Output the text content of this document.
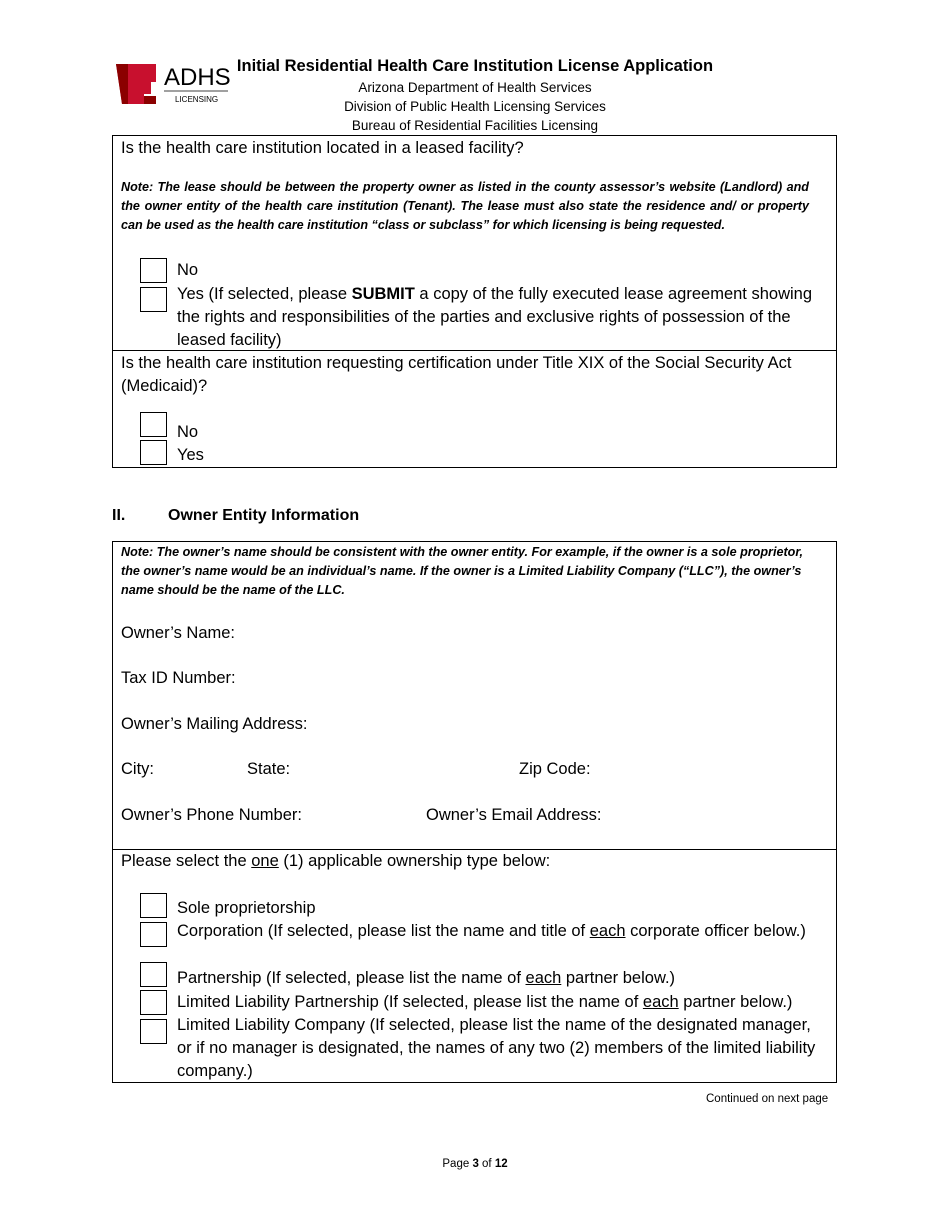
ADHS
LICENSING
Initial Residential Health Care Institution License Application
Arizona Department of Health Services
Division of Public Health Licensing Services
Bureau of Residential Facilities Licensing
Is the health care institution located in a leased facility?
Note: The lease should be between the property owner as listed in the county assessor’s website (Landlord) and the owner entity of the health care institution (Tenant). The lease must also state the residence and/ or property can be used as the health care institution “class or subclass” for which licensing is being requested.
No
Yes (If selected, please SUBMIT a copy of the fully executed lease agreement showing the rights and responsibilities of the parties and exclusive rights of possession of the leased facility)
Is the health care institution requesting certification under Title XIX of the Social Security Act (Medicaid)?
No
Yes
II.	Owner Entity Information
Note: The owner’s name should be consistent with the owner entity. For example, if the owner is a sole proprietor, the owner’s name would be an individual’s name. If the owner is a Limited Liability Company (“LLC”), the owner’s name should be the name of the LLC.
Owner’s Name:
Tax ID Number:
Owner’s Mailing Address:
City:	State:	Zip Code:
Owner’s Phone Number:	Owner’s Email Address:
Please select the one (1) applicable ownership type below:
Sole proprietorship
Corporation (If selected, please list the name and title of each corporate officer below.)
Partnership (If selected, please list the name of each partner below.)
Limited Liability Partnership (If selected, please list the name of each partner below.)
Limited Liability Company (If selected, please list the name of the designated manager, or if no manager is designated, the names of any two (2) members of the limited liability company.)
Continued on next page
Page 3 of 12
